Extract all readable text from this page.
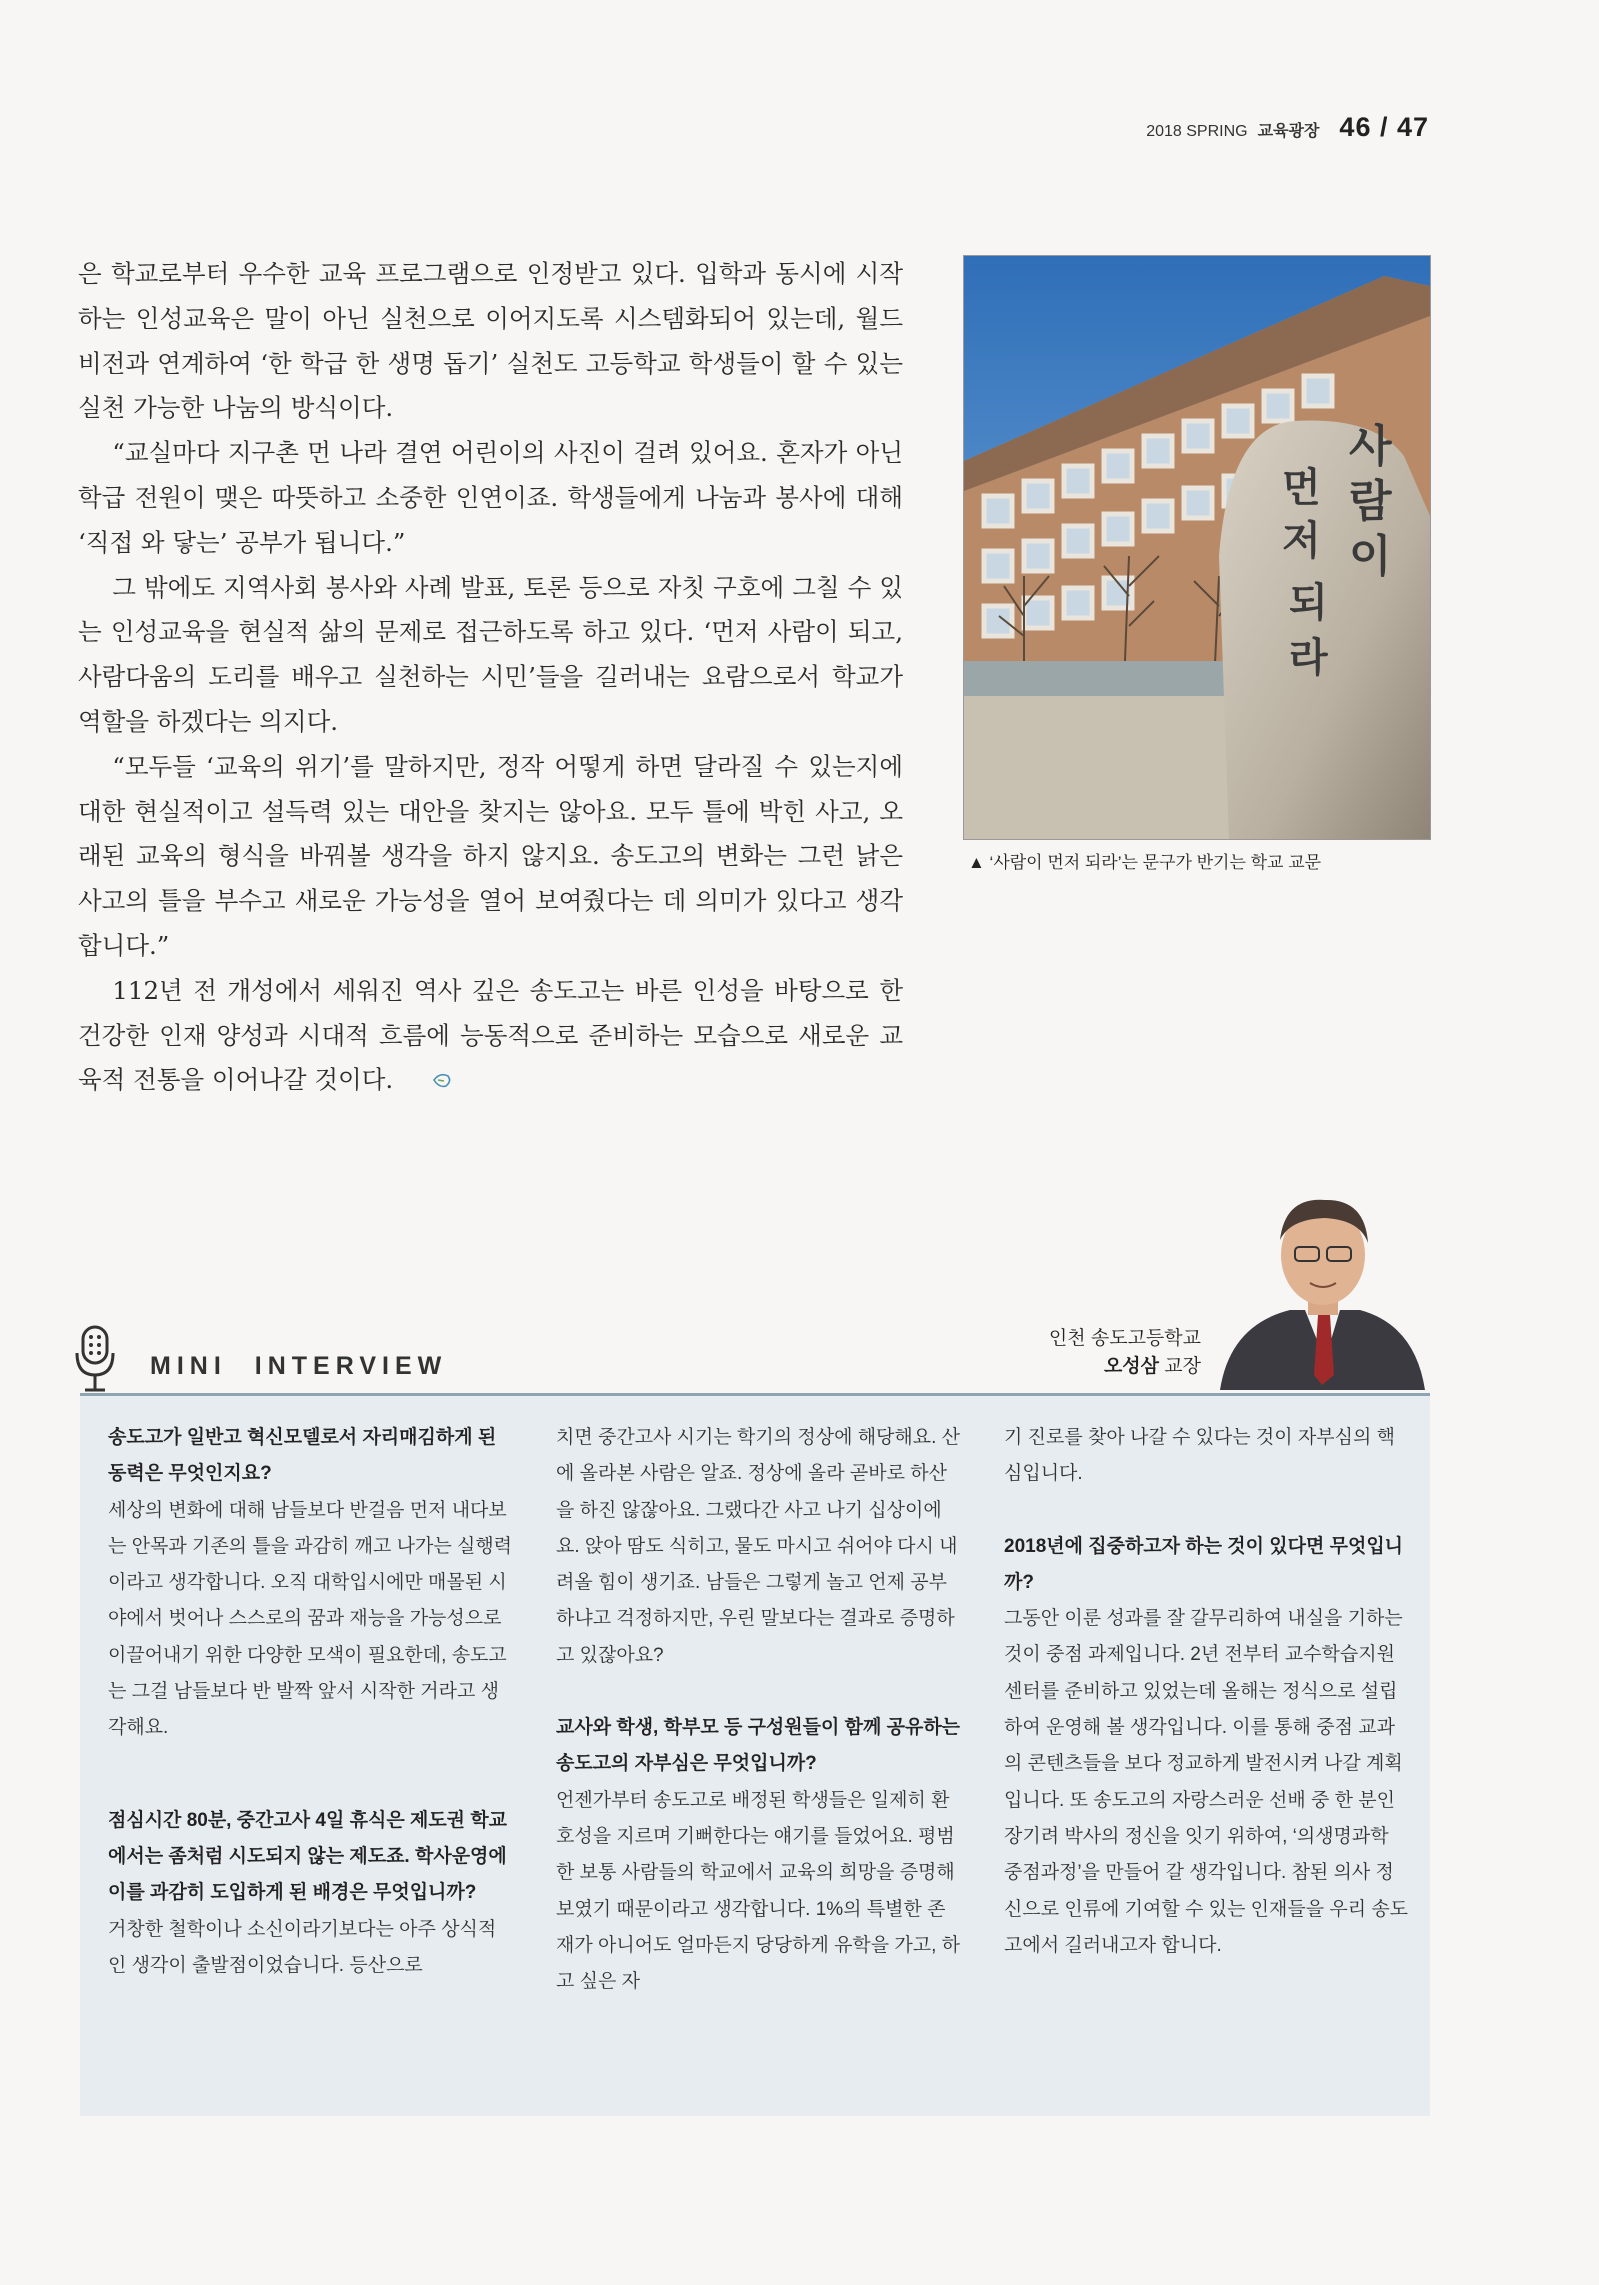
2018 SPRING 교육광장 46 / 47

은 학교로부터 우수한 교육 프로그램으로 인정받고 있다. 입학과 동시에 시작하는 인성교육은 말이 아닌 실천으로 이어지도록 시스템화되어 있는데, 월드비전과 연계하여 ‘한 학급 한 생명 돕기’ 실천도 고등학교 학생들이 할 수 있는 실천 가능한 나눔의 방식이다.

“교실마다 지구촌 먼 나라 결연 어린이의 사진이 걸려 있어요. 혼자가 아닌 학급 전원이 맺은 따뜻하고 소중한 인연이죠. 학생들에게 나눔과 봉사에 대해 ‘직접 와 닿는’ 공부가 됩니다.”

그 밖에도 지역사회 봉사와 사례 발표, 토론 등으로 자칫 구호에 그칠 수 있는 인성교육을 현실적 삶의 문제로 접근하도록 하고 있다. ‘먼저 사람이 되고, 사람다움의 도리를 배우고 실천하는 시민’들을 길러내는 요람으로서 학교가 역할을 하겠다는 의지다.

“모두들 ‘교육의 위기’를 말하지만, 정작 어떻게 하면 달라질 수 있는지에 대한 현실적이고 설득력 있는 대안을 찾지는 않아요. 모두 틀에 박힌 사고, 오래된 교육의 형식을 바꿔볼 생각을 하지 않지요. 송도고의 변화는 그런 낡은 사고의 틀을 부수고 새로운 가능성을 열어 보여줬다는 데 의미가 있다고 생각합니다.”

112년 전 개성에서 세워진 역사 깊은 송도고는 바른 인성을 바탕으로 한 건강한 인재 양성과 시대적 흐름에 능동적으로 준비하는 모습으로 새로운 교육적 전통을 이어나갈 것이다.

사
람
이
먼
저
되
라
▲ ‘사람이 먼저 되라’는 문구가 반기는 학교 교문
인천 송도고등학교
오성삼 교장
MINI INTERVIEW

송도고가 일반고 혁신모델로서 자리매김하게 된 동력은 무엇인지요?

세상의 변화에 대해 남들보다 반걸음 먼저 내다보는 안목과 기존의 틀을 과감히 깨고 나가는 실행력이라고 생각합니다. 오직 대학입시에만 매몰된 시야에서 벗어나 스스로의 꿈과 재능을 가능성으로 이끌어내기 위한 다양한 모색이 필요한데, 송도고는 그걸 남들보다 반 발짝 앞서 시작한 거라고 생각해요.

점심시간 80분, 중간고사 4일 휴식은 제도권 학교에서는 좀처럼 시도되지 않는 제도죠. 학사운영에 이를 과감히 도입하게 된 배경은 무엇입니까?

거창한 철학이나 소신이라기보다는 아주 상식적인 생각이 출발점이었습니다. 등산으로

치면 중간고사 시기는 학기의 정상에 해당해요. 산에 올라본 사람은 알죠. 정상에 올라 곧바로 하산을 하진 않잖아요. 그랬다간 사고 나기 십상이에요. 앉아 땀도 식히고, 물도 마시고 쉬어야 다시 내려올 힘이 생기죠. 남들은 그렇게 놀고 언제 공부하냐고 걱정하지만, 우린 말보다는 결과로 증명하고 있잖아요?

교사와 학생, 학부모 등 구성원들이 함께 공유하는 송도고의 자부심은 무엇입니까?

언젠가부터 송도고로 배정된 학생들은 일제히 환호성을 지르며 기뻐한다는 얘기를 들었어요. 평범한 보통 사람들의 학교에서 교육의 희망을 증명해 보였기 때문이라고 생각합니다. 1%의 특별한 존재가 아니어도 얼마든지 당당하게 유학을 가고, 하고 싶은 자

기 진로를 찾아 나갈 수 있다는 것이 자부심의 핵심입니다.

2018년에 집중하고자 하는 것이 있다면 무엇입니까?

그동안 이룬 성과를 잘 갈무리하여 내실을 기하는 것이 중점 과제입니다. 2년 전부터 교수학습지원센터를 준비하고 있었는데 올해는 정식으로 설립하여 운영해 볼 생각입니다. 이를 통해 중점 교과의 콘텐츠들을 보다 정교하게 발전시켜 나갈 계획입니다. 또 송도고의 자랑스러운 선배 중 한 분인 장기려 박사의 정신을 잇기 위하여, ‘의생명과학 중점과정’을 만들어 갈 생각입니다. 참된 의사 정신으로 인류에 기여할 수 있는 인재들을 우리 송도고에서 길러내고자 합니다.
